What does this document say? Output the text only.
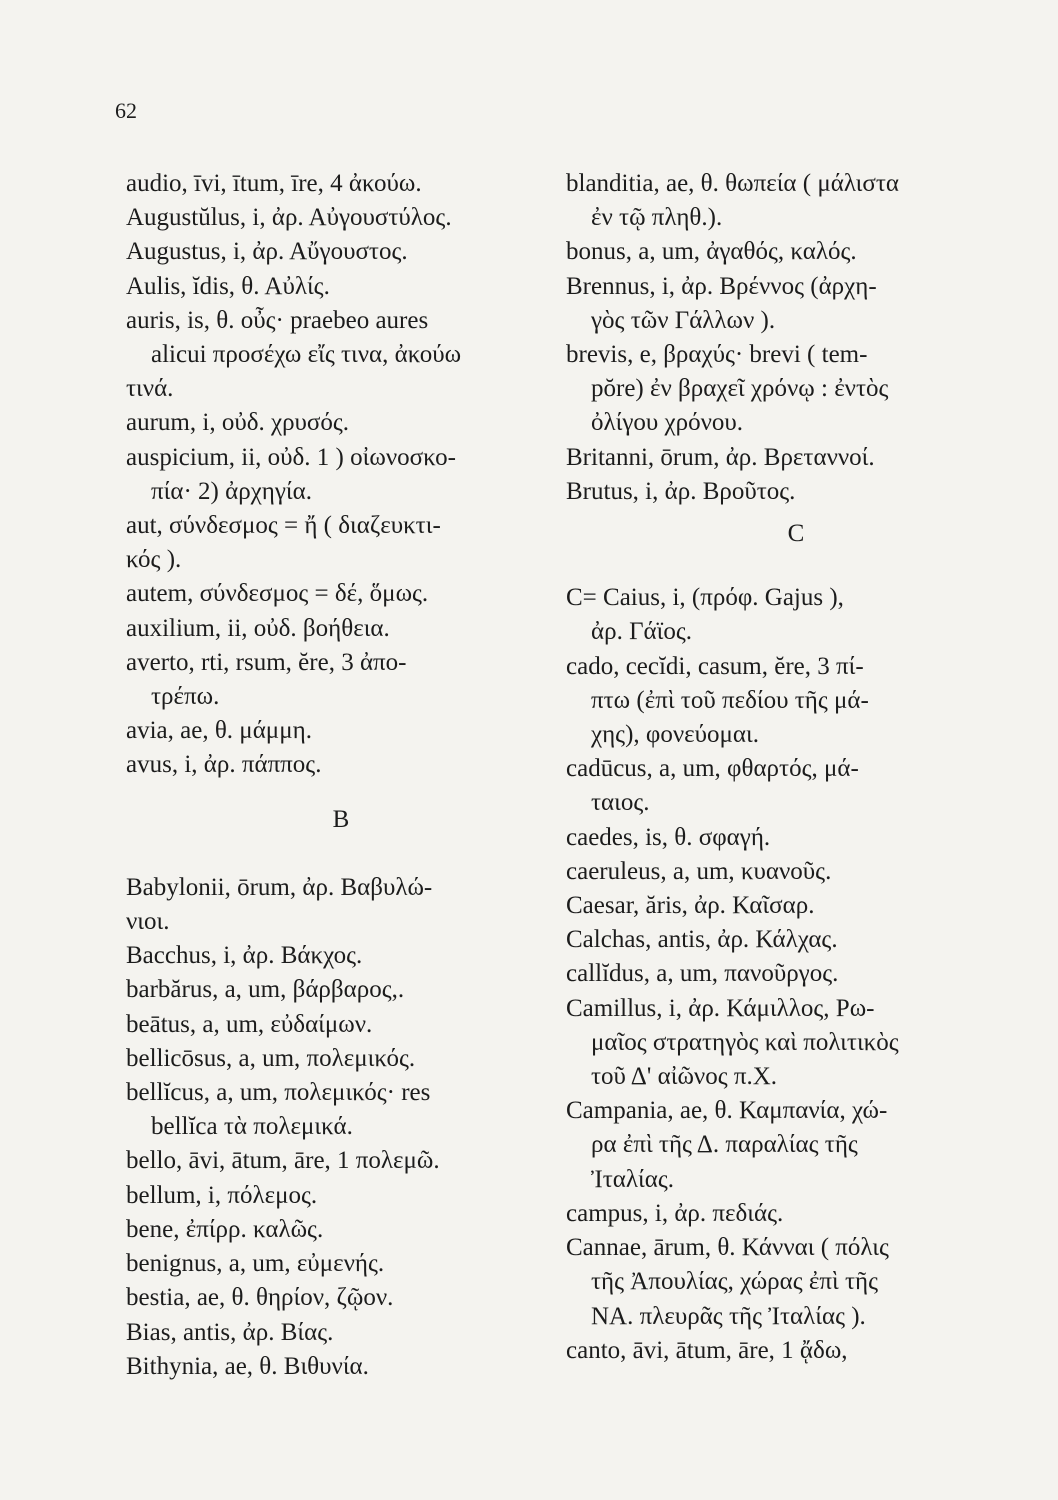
62
audio, īvi, ītum, īre, 4 ἀκούω.
Augustŭlus, i, ἀρ. Αὐγουστύλος.
Augustus, i, ἀρ. Αὔγουστος.
Aulis, ĭdis, θ. Αὐλίς.
auris, is, θ. οὖς· praebeo aures
alicui προσέχω εἴς τινα, ἀκούω
τινά.
aurum, i, οὐδ. χρυσός.
auspicium, ii, οὐδ. 1 ) οἰωνοσκο-
πία· 2) ἀρχηγία.
aut, σύνδεσμος = ἤ ( διαζευκτι-
κός ).
autem, σύνδεσμος = δέ, ὅμως.
auxilium, ii, οὐδ. βοήθεια.
averto, rti, rsum, ĕre, 3 ἀπο-
τρέπω.
avia, ae, θ. μάμμη.
avus, i, ἀρ. πάππος.
B
Babylonii, ōrum, ἀρ. Βαβυλώ-
νιοι.
Bacchus, i, ἀρ. Βάκχος.
barbărus, a, um, βάρβαρος,.
beātus, a, um, εὐδαίμων.
bellicōsus, a, um, πολεμικός.
bellĭcus, a, um, πολεμικός· res
bellĭca τὰ πολεμικά.
bello, āvi, ātum, āre, 1 πολεμῶ.
bellum, i, πόλεμος.
bene, ἐπίρρ. καλῶς.
benignus, a, um, εὐμενής.
bestia, ae, θ. θηρίον, ζῷον.
Bias, antis, ἀρ. Βίας.
Bithynia, ae, θ. Βιθυνία.
blanditia, ae, θ. θωπεία ( μάλιστα
ἐν τῷ πληθ.).
bonus, a, um, ἀγαθός, καλός.
Brennus, i, ἀρ. Βρέννος (ἀρχη-
γὸς τῶν Γάλλων ).
brevis, e, βραχύς· brevi ( tem-
pŏre) ἐν βραχεῖ χρόνῳ : ἐντὸς
ὀλίγου χρόνου.
Britanni, ōrum, ἀρ. Βρεταννοί.
Brutus, i, ἀρ. Βροῦτος.
C
C= Caius, i, (πρόφ. Gajus ),
ἀρ. Γάϊος.
cado, cecĭdi, casum, ĕre, 3 πί-
πτω (ἐπὶ τοῦ πεδίου τῆς μά-
χης), φονεύομαι.
cadūcus, a, um, φθαρτός, μά-
ταιος.
caedes, is, θ. σφαγή.
caeruleus, a, um, κυανοῦς.
Caesar, ăris, ἀρ. Καῖσαρ.
Calchas, antis, ἀρ. Κάλχας.
callĭdus, a, um, πανοῦργος.
Camillus, i, ἀρ. Κάμιλλος, Ρω-
μαῖος στρατηγὸς καὶ πολιτικὸς
τοῦ Δ' αἰῶνος π.Χ.
Campania, ae, θ. Καμπανία, χώ-
ρα ἐπὶ τῆς Δ. παραλίας τῆς
Ἰταλίας.
campus, i, ἀρ. πεδιάς.
Cannae, ārum, θ. Κάνναι ( πόλις
τῆς Ἀπουλίας, χώρας ἐπὶ τῆς
ΝΑ. πλευρᾶς τῆς Ἰταλίας ).
canto, āvi, ātum, āre, 1 ᾄδω,
